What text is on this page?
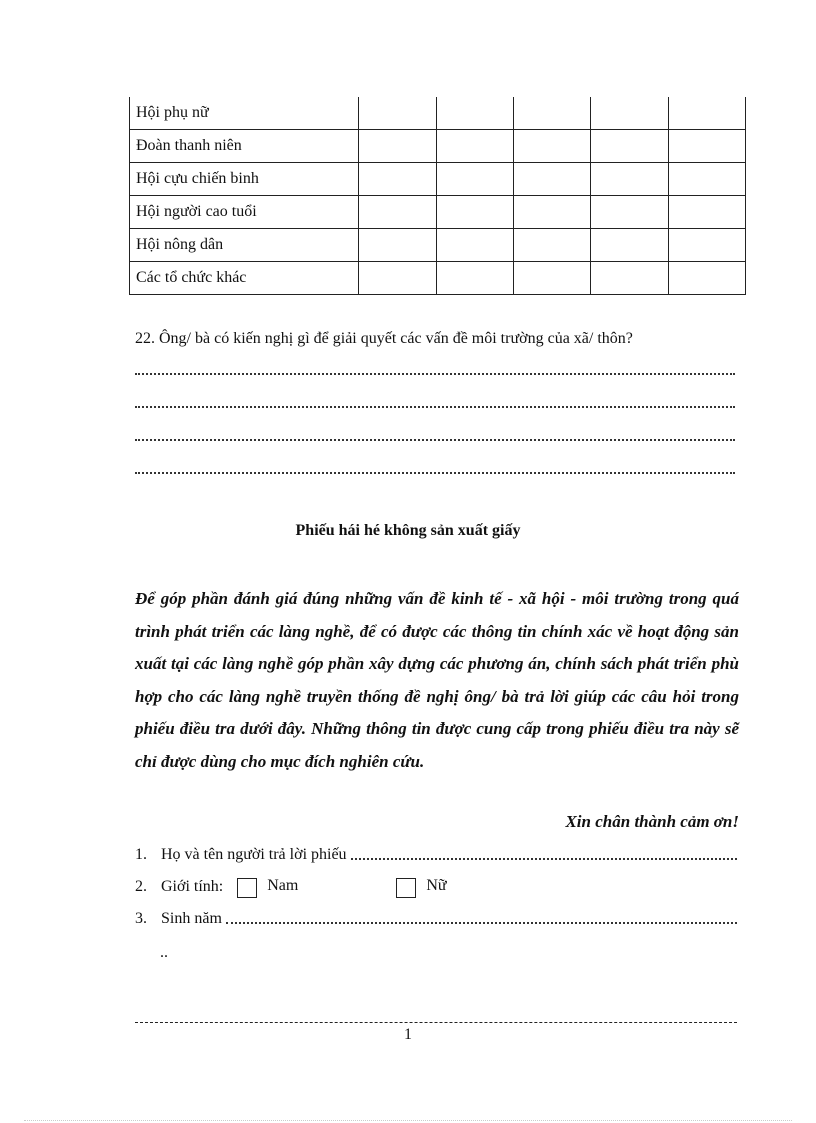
Hội phụ nữ					
Đoàn thanh niên					
Hội cựu chiến binh					
Hội người cao tuổi					
Hội nông dân					
Các tổ chức khác					
22. Ông/ bà có kiến nghị gì để giải quyết các vấn đề môi trường của xã/ thôn?
Phiếu hái hé không sản xuất giấy
Để góp phần đánh giá đúng những vấn đề kinh tế - xã hội - môi trường trong quá trình phát triển các làng nghề, để có được các thông tin chính xác về hoạt động sản xuất tại các làng nghề góp phần xây dựng các phương án, chính sách phát triển phù hợp cho các làng nghề truyền thống đề nghị ông/ bà trả lời giúp các câu hỏi trong phiếu điều tra dưới đây. Những thông tin được cung cấp trong phiếu điều tra này sẽ chỉ được dùng cho mục đích nghiên cứu.
Xin chân thành cảm ơn!
1. Họ và tên người trả lời phiếu
2. Giới tính:	Nam	Nữ
3. Sinh năm
..
1
